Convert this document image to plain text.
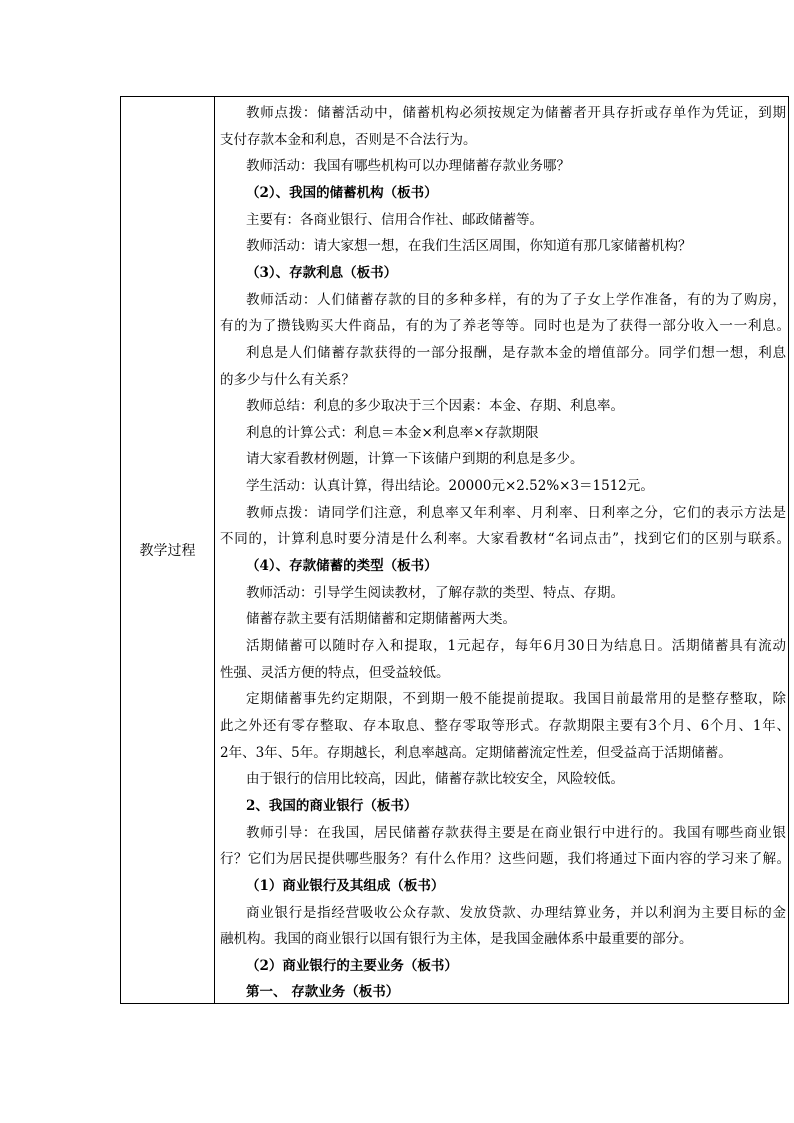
教学过程
教师点拨：储蓄活动中，储蓄机构必须按规定为储蓄者开具存折或存单作为凭证，到期
支付存款本金和利息，否则是不合法行为。
教师活动：我国有哪些机构可以办理储蓄存款业务哪？
（2）、我国的储蓄机构（板书）
主要有：各商业银行、信用合作社、邮政储蓄等。
教师活动：请大家想一想，在我们生活区周围，你知道有那几家储蓄机构？
（3）、存款利息（板书）
教师活动：人们储蓄存款的目的多种多样，有的为了子女上学作准备，有的为了购房，
有的为了攒钱购买大件商品，有的为了养老等等。同时也是为了获得一部分收入一一利息。
利息是人们储蓄存款获得的一部分报酬，是存款本金的增值部分。同学们想一想，利息
的多少与什么有关系？
教师总结：利息的多少取决于三个因素：本金、存期、利息率。
利息的计算公式：利息＝本金×利息率×存款期限
请大家看教材例题，计算一下该储户到期的利息是多少。
学生活动：认真计算，得出结论。20000元×2.52%×3＝1512元。
教师点拨：请同学们注意，利息率又年利率、月利率、日利率之分，它们的表示方法是
不同的，计算利息时要分清是什么利率。大家看教材“名词点击”，找到它们的区别与联系。
（4）、存款储蓄的类型（板书）
教师活动：引导学生阅读教材，了解存款的类型、特点、存期。
储蓄存款主要有活期储蓄和定期储蓄两大类。
活期储蓄可以随时存入和提取，1元起存，每年6月30日为结息日。活期储蓄具有流动
性强、灵活方便的特点，但受益较低。
定期储蓄事先约定期限，不到期一般不能提前提取。我国目前最常用的是整存整取，除
此之外还有零存整取、存本取息、整存零取等形式。存款期限主要有3个月、6个月、1年、
2年、3年、5年。存期越长，利息率越高。定期储蓄流定性差，但受益高于活期储蓄。
由于银行的信用比较高，因此，储蓄存款比较安全，风险较低。
2、我国的商业银行（板书）
教师引导：在我国，居民储蓄存款获得主要是在商业银行中进行的。我国有哪些商业银
行？它们为居民提供哪些服务？有什么作用？这些问题，我们将通过下面内容的学习来了解。
（1）商业银行及其组成（板书）
商业银行是指经营吸收公众存款、发放贷款、办理结算业务，并以利润为主要目标的金
融机构。我国的商业银行以国有银行为主体，是我国金融体系中最重要的部分。
（2）商业银行的主要业务（板书）
第一、 存款业务（板书）
